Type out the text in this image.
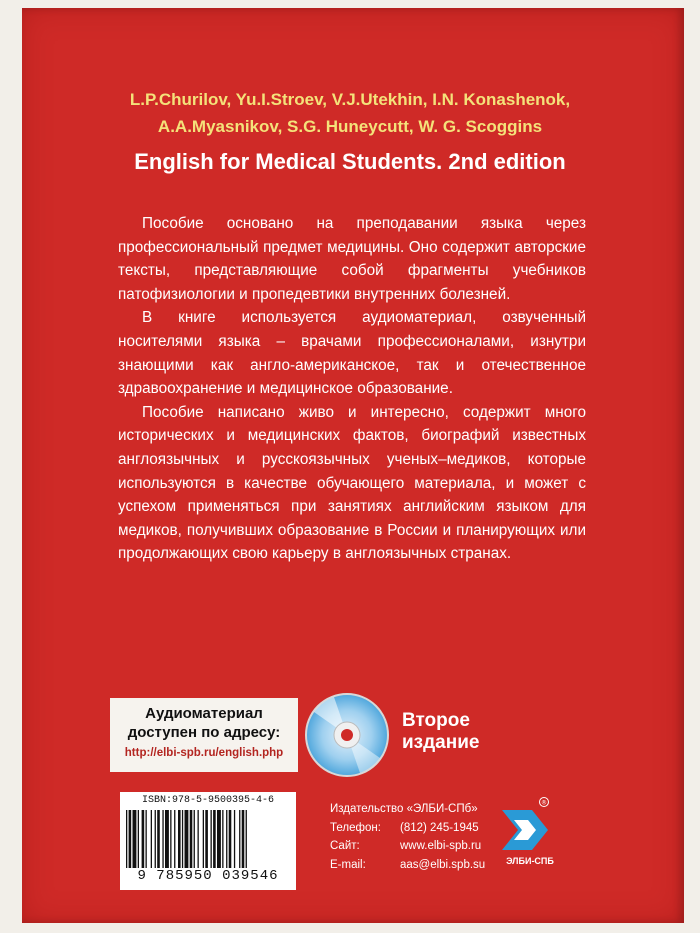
L.P.Churilov, Yu.I.Stroev, V.J.Utekhin, I.N. Konashenok,
A.A.Myasnikov, S.G. Huneycutt, W. G. Scoggins
English for Medical Students. 2nd edition

Пособие основано на преподавании языка через профессиональный предмет медицины. Оно содержит авторские тексты, представляющие собой фрагменты учебников патофизиологии и пропедевтики внутренних болезней.

В книге используется аудиоматериал, озвученный носителями языка – врачами профессионалами, изнутри знающими как англо-американское, так и отечественное здравоохранение и медицинское образование.

Пособие написано живо и интересно, содержит много исторических и медицинских фактов, биографий известных англоязычных и русскоязычных ученых–медиков, которые используются в качестве обучающего материала, и может с успехом применяться при занятиях английским языком для медиков, получивших образование в России и планирующих или продолжающих свою карьеру в англоязычных странах.

Аудиоматериал
доступен по адресу:
http://elbi-spb.ru/english.php
Второе
издание
ISBN:978-5-9500395-4-6
9 785950 039546
Издательство «ЭЛБИ-СПб»
Телефон: (812) 245-1945
Сайт:	www.elbi-spb.ru
E-mail:	aas@elbi.spb.su
®
ЭЛБИ-СПБ
